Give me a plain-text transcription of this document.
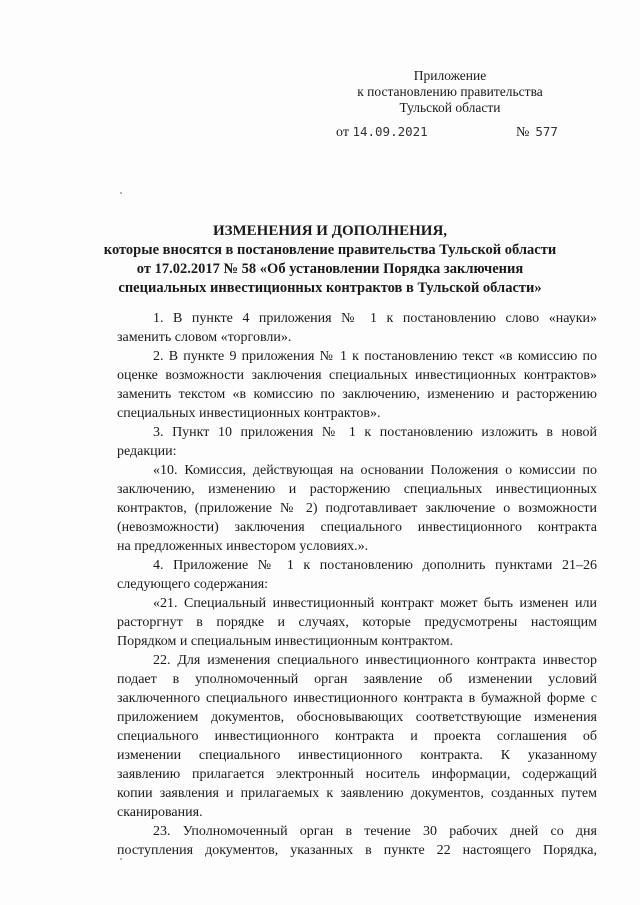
Приложение
к постановлению правительства
Тульской области
от 14.09.2021	№ 577
ИЗМЕНЕНИЯ И ДОПОЛНЕНИЯ,
которые вносятся в постановление правительства Тульской области
от 17.02.2017 № 58 «Об установлении Порядка заключения
специальных инвестиционных контрактов в Тульской области»
1. В пункте 4 приложения № 1 к постановлению слово «науки»
заменить словом «торговли».
2. В пункте 9 приложения № 1 к постановлению текст «в комиссию по
оценке возможности заключения специальных инвестиционных контрактов»
заменить текстом «в комиссию по заключению, изменению и расторжению
специальных инвестиционных контрактов».
3. Пункт 10 приложения № 1 к постановлению изложить в новой
редакции:
«10. Комиссия, действующая на основании Положения о комиссии по
заключению, изменению и расторжению специальных инвестиционных
контрактов, (приложение № 2) подготавливает заключение о возможности
(невозможности) заключения специального инвестиционного контракта
на предложенных инвестором условиях.».
4. Приложение № 1 к постановлению дополнить пунктами 21–26
следующего содержания:
«21. Специальный инвестиционный контракт может быть изменен или
расторгнут в порядке и случаях, которые предусмотрены настоящим
Порядком и специальным инвестиционным контрактом.
22. Для изменения специального инвестиционного контракта инвестор
подает в уполномоченный орган заявление об изменении условий
заключенного специального инвестиционного контракта в бумажной форме с
приложением документов, обосновывающих соответствующие изменения
специального инвестиционного контракта и проекта соглашения об
изменении специального инвестиционного контракта. К указанному
заявлению прилагается электронный носитель информации, содержащий
копии заявления и прилагаемых к заявлению документов, созданных путем
сканирования.
23. Уполномоченный орган в течение 30 рабочих дней со дня
поступления документов, указанных в пункте 22 настоящего Порядка,
